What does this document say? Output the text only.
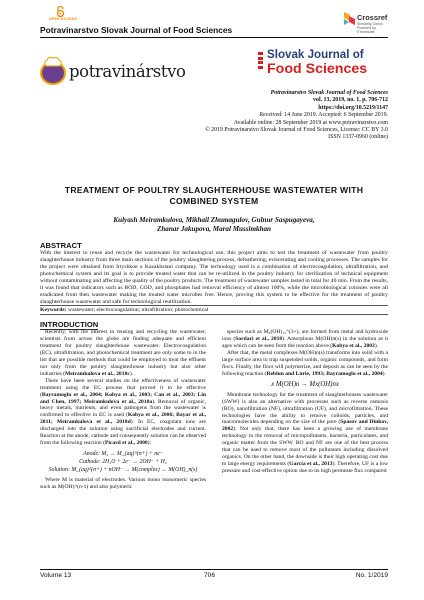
OPEN ACCESS
Potravinarstvo Slovak Journal of Food Sciences
Crossref
Similarity Check Powered by iThenticate
potravinárstvo
Slovak Journal of
Food Sciences
Potravinarstvo Slovak Journal of Food Sciences
vol. 13, 2019, no. 1, p. 706-712
https://doi.org/10.5219/1147
Received: 14 June 2019. Accepted: 6 September 2019.
Available online: 28 September 2019 at www.potravinarstvo.com
© 2019 Potravinarstvo Slovak Journal of Food Sciences, License: CC BY 3.0
ISSN 1337-0960 (online)
TREATMENT OF POULTRY SLAUGHTERHOUSE WASTEWATER WITH
COMBINED SYSTEM
Kulyash Meiramkulova, Mikhail Zhumagulov, Gulnur Saspugayeva,
Zhanar Jakupova, Maral Mussimkhan
ABSTRACT
With the interest to reuse and recycle the wastewater for technological use, this project aims to test the treatment of wastewater from poultry slaughterhouse industry from three main sections of the poultry slaughtering process, defeathering, eviscerating and cooling processes. The samples for the project were obtained from Irtyshkoe a Kazakhstani company. The technology used is a combination of electrocoagulation, ultrafiltration, and photochemical system and its goal is to provide treated water that can be re-utilized in the poultry industry for sterilization of technical equipment without contaminating and affecting the quality of the poultry products. The treatment of wastewater samples lasted in total for 40 min. From the results, it was found that indicators such as BOD, COD, and phosphates had removal efficiency of almost 100%, while the microbiological colonies were all eradicated from then wastewater making the treated water microbes free. Hence, proving this system to be effective for the treatment of poultry slaughterhouse wastewater and safe for technological reutilization.
Keywords: wastewater; electrocoagulation; ultrafiltration; photochemical
INTRODUCTION

Recently, with the interest in reusing and recycling the wastewater, scientists from across the globe are finding adequate and efficient treatment for poultry slaughterhouse wastewater. Electrocoagulation (EC), ultrafiltration, and photochemical treatment are only some to in the list that are possible methods that could be employed to treat the effluent not only from the poultry slaughterhouse industry but also other industries (Meiramkulova et al., 2018c).

There have been several studies on the effectiveness of wastewater treatment using the EC process that proved it to be effective (Bayramoglu et al., 2004; Kobya et al., 2003; Can et al., 2003; Lin and Chen, 1997; Meiramkulova et al., 2018a). Removal of organic, heavy metals, nutrients, and even pathogens from the wastewater is confirmed to effective in EC is used (Kobya et al., 2006; Bayar et al., 2011; Meiramkulova et al., 2018d). In EC, coagulant ions are discharged into the solution using sacrificial electrodes and current. Reaction at the anode, cathode and consequently solution can be observed from the following reaction (Picard et al., 2000):

Anode: M₄ → M_(aq)^(n+) + ne⁻

Cathode: 2H₂O + 2e⁻ → 2OH⁻ + H₂

Solution: M_(aq)^(n+) + nOH⁻ → M(complex) → M(OH)_n(s)

Where M is material of electrodes. Various mono monomeric species such as M(OH)^(n-1) and also polymeric

species such as M₆(OH)₁₅^(3+), are formed from metal and hydroxide ions (Sardari et al., 2018). Amorphous M(OH)n(s) in the solution as it ages which can be seen from the reaction above (Kobya et al., 2003).

After that, the metal complexes M(OH)n(s) transforms into solid with a large surface area to trap suspended solids, organic compounds, and form flocs. Finally, the flocs will polymerize, and deposit as can be seen by the following reaction (Reblun and Lurie, 1993; Bayramoglu et al., 2004).

x M(OH)n → Mx(OH)nx

Membrane technology for the treatment of slaughterhouses wastewater (SWW) is also an alternative with processes such as reverse osmosis (RO), nanofiltration (NF), ultrafiltration (UF), and microfiltration. These technologies have the ability to remove colloids, particles, and macromolecules depending on the size of the pore (Spasov and Dinkov, 2002). Not only that, there has been a growing use of membrane technology in the removal of micropollutants, bacteria, particulates, and organic matter from the SWW. RO and NF are one of the best process that can be used to remove most of the pollutants including dissolved organics. On the other hand, the downside is their high operating cost due to large energy requirements (García et al., 2013). Therefore, UF is a low pressure and cost-effective option due to its high permeate flux compared

Volume 13	706	No. 1/2019
